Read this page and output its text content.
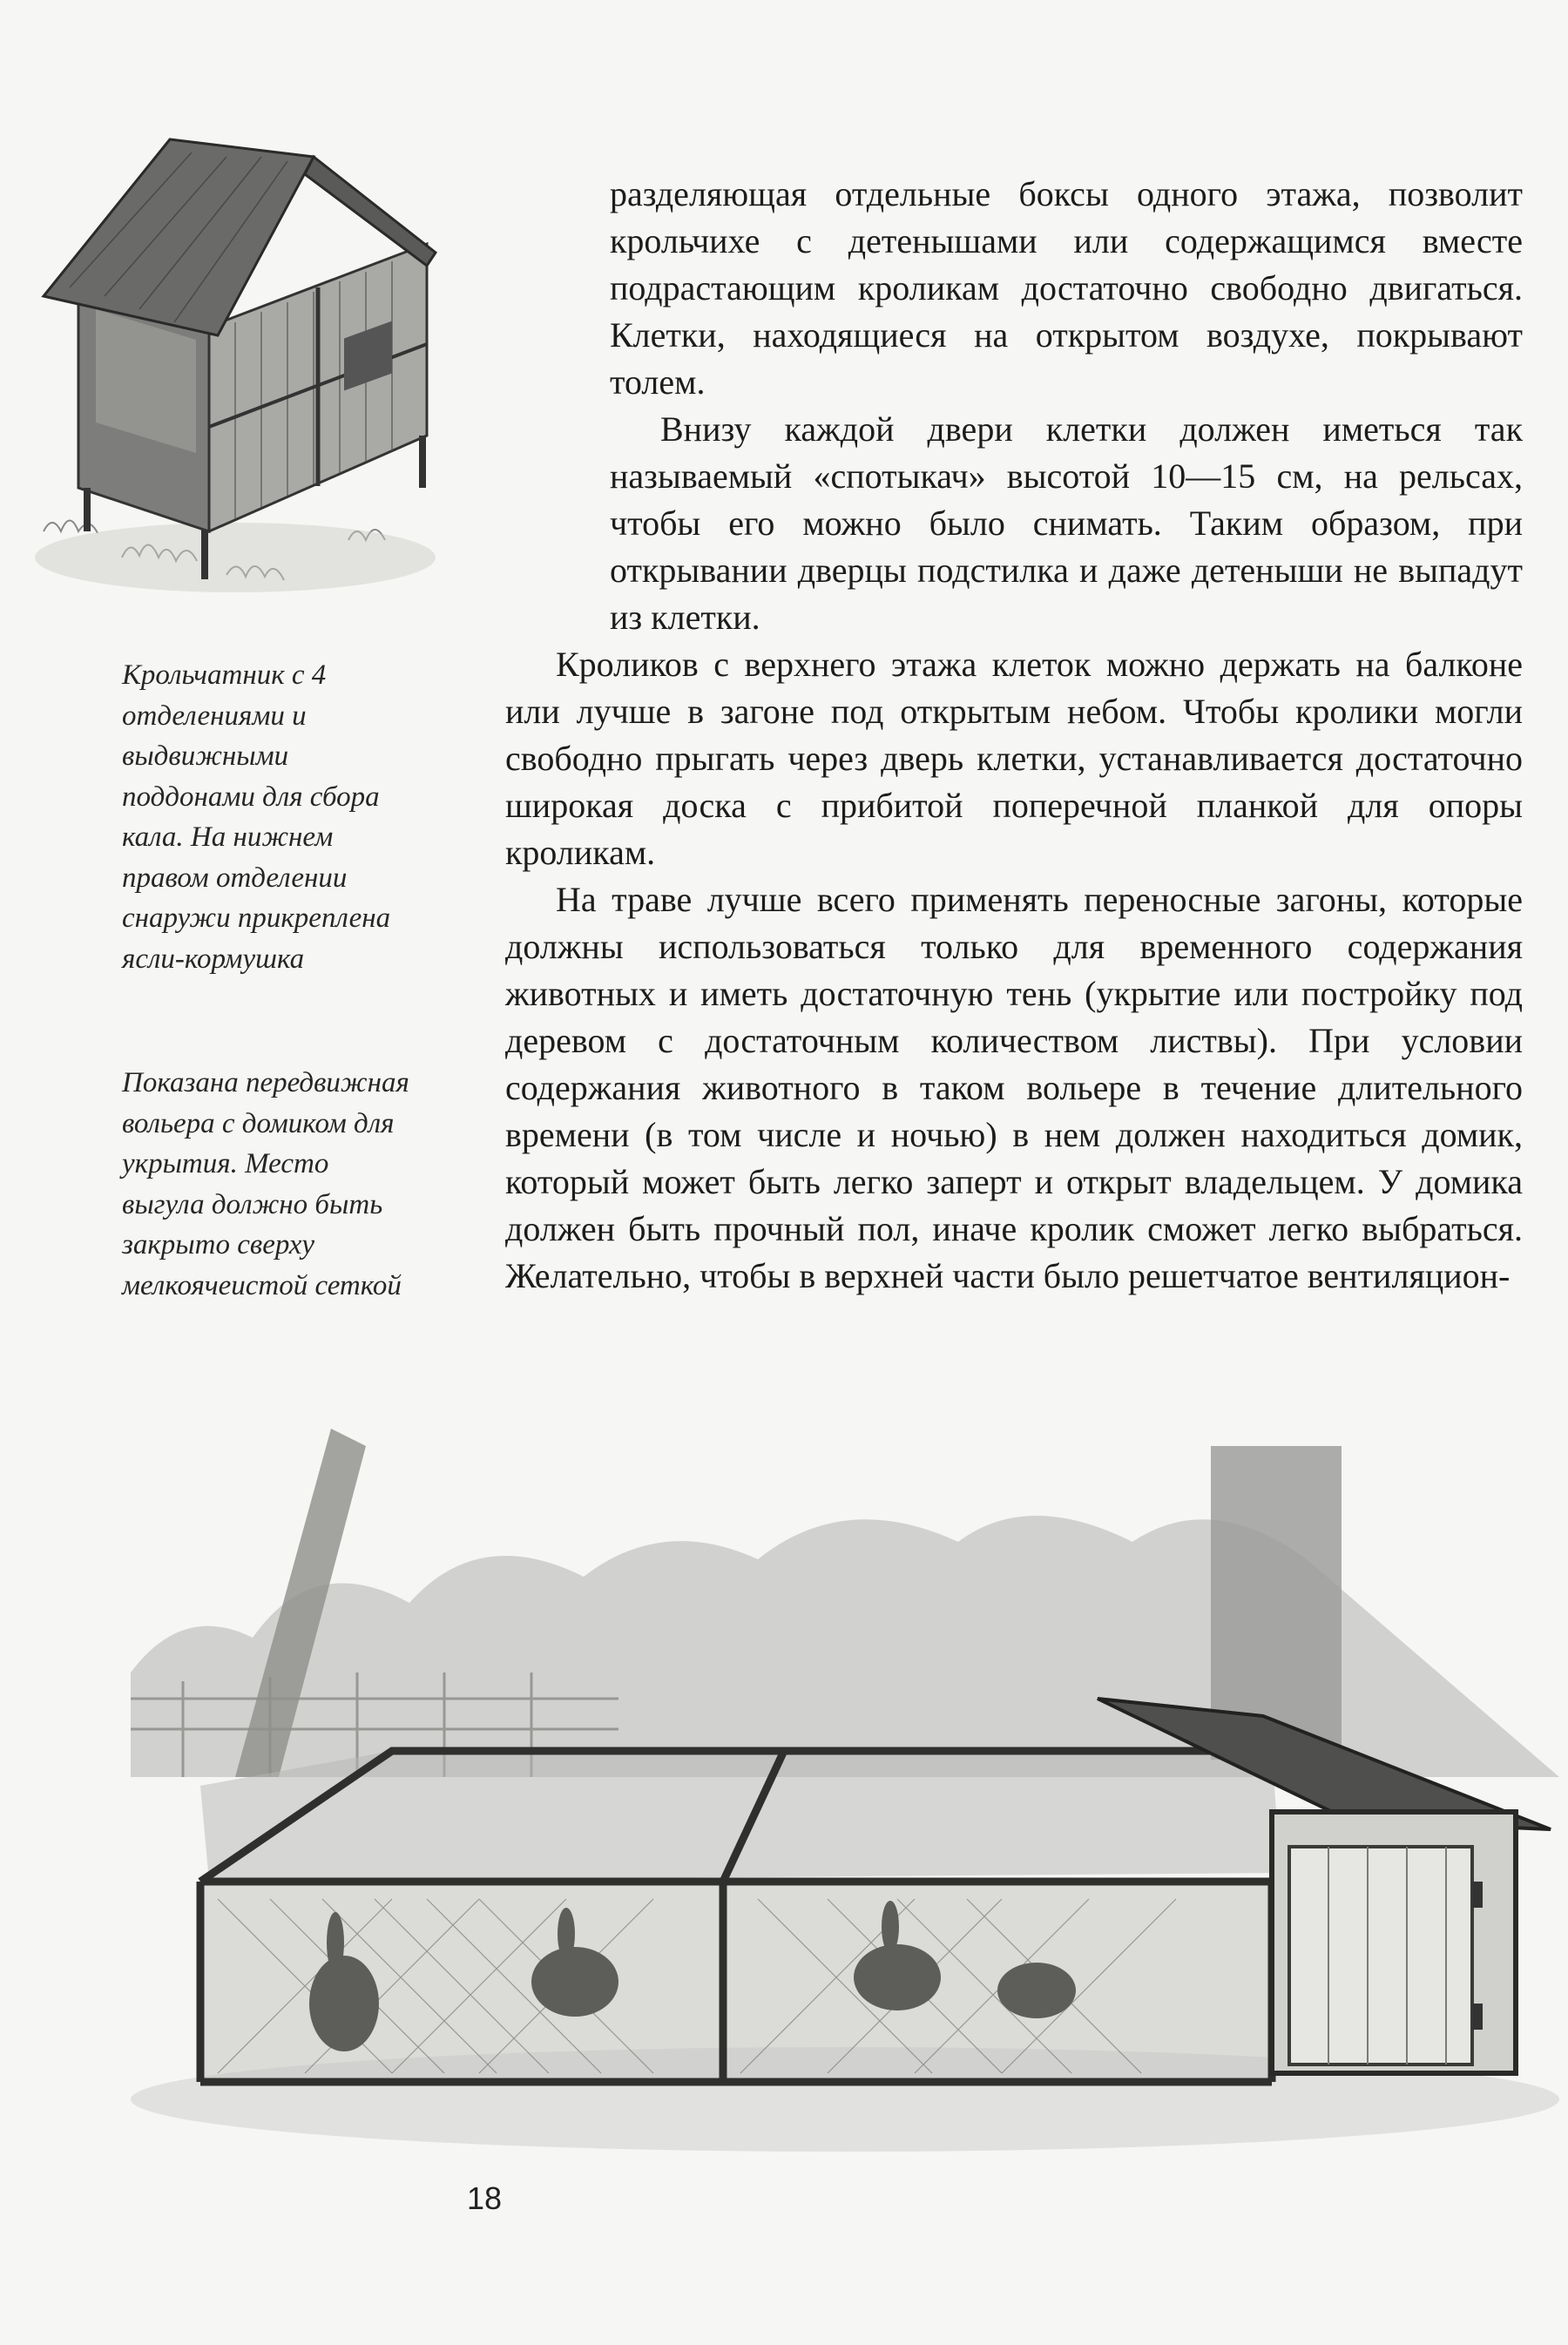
Крольчатник с 4 отделениями и выдвижными поддонами для сбора кала. На нижнем правом отделении снаружи прикреплена ясли-кормушка
Показана передвижная вольера с домиком для укрытия. Место выгула должно быть закрыто сверху мелкоячеистой сеткой

разделяющая отдельные боксы одного этажа, позволит крольчихе с детенышами или содержащимся вместе подрастающим кроликам достаточно свободно двигаться. Клетки, находящиеся на открытом воздухе, покрывают толем.

Внизу каждой двери клетки должен иметься так называемый «спотыкач» высотой 10—15 см, на рельсах, чтобы его можно было снимать. Таким образом, при открывании дверцы подстилка и даже детеныши не выпадут из клетки.

Кроликов с верхнего этажа клеток можно держать на балконе или лучше в загоне под открытым небом. Чтобы кролики могли свободно прыгать через дверь клетки, устанавливается достаточно широкая доска с прибитой поперечной планкой для опоры кроликам.

На траве лучше всего применять переносные загоны, которые должны использоваться только для временного содержания животных и иметь достаточную тень (укрытие или постройку под деревом с достаточным количеством листвы). При условии содержания животного в таком вольере в течение длительного времени (в том числе и ночью) в нем должен находиться домик, который может быть легко заперт и открыт владельцем. У домика должен быть прочный пол, иначе кролик сможет легко выбраться. Желательно, чтобы в верхней части было решетчатое вентиляцион-

18
